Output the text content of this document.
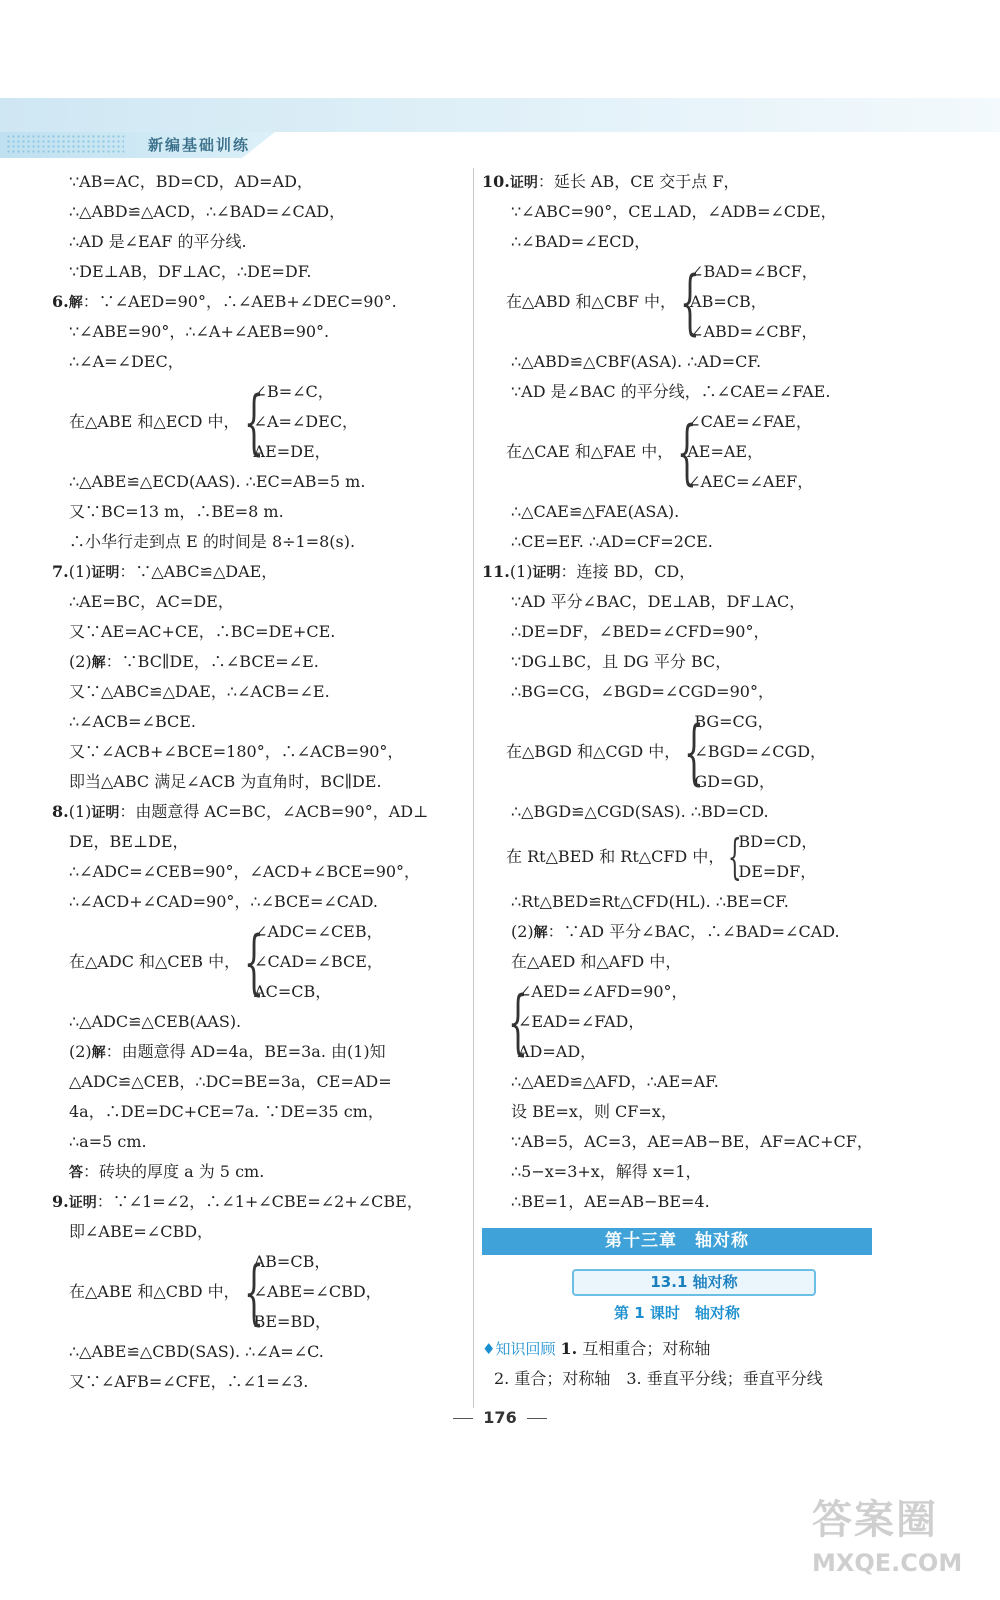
新编基础训练
∵AB=AC，BD=CD，AD=AD，
∴△ABD≌△ACD，∴∠BAD=∠CAD，
∴AD 是∠EAF 的平分线.
∵DE⊥AB，DF⊥AC，∴DE=DF.
6.解：∵∠AED=90°，∴∠AEB+∠DEC=90°.
∵∠ABE=90°，∴∠A+∠AEB=90°.
∴∠A=∠DEC，
在△ABE 和△ECD 中， {
∠B=∠C，
∠A=∠DEC，
AE=DE，
∴△ABE≌△ECD(AAS). ∴EC=AB=5 m.
又∵BC=13 m，∴BE=8 m.
∴小华行走到点 E 的时间是 8÷1=8(s).
7.(1)证明：∵△ABC≌△DAE，
∴AE=BC，AC=DE，
又∵AE=AC+CE，∴BC=DE+CE.
(2)解：∵BC∥DE，∴∠BCE=∠E.
又∵△ABC≌△DAE，∴∠ACB=∠E.
∴∠ACB=∠BCE.
又∵∠ACB+∠BCE=180°，∴∠ACB=90°，
即当△ABC 满足∠ACB 为直角时，BC∥DE.
8.(1)证明：由题意得 AC=BC，∠ACB=90°，AD⊥
DE，BE⊥DE，
∴∠ADC=∠CEB=90°，∠ACD+∠BCE=90°，
∴∠ACD+∠CAD=90°，∴∠BCE=∠CAD.
在△ADC 和△CEB 中， {
∠ADC=∠CEB，
∠CAD=∠BCE，
AC=CB，
∴△ADC≌△CEB(AAS).
(2)解：由题意得 AD=4a，BE=3a. 由(1)知
△ADC≌△CEB，∴DC=BE=3a，CE=AD=
4a，∴DE=DC+CE=7a. ∵DE=35 cm，
∴a=5 cm.
答：砖块的厚度 a 为 5 cm.
9.证明：∵∠1=∠2，∴∠1+∠CBE=∠2+∠CBE，
即∠ABE=∠CBD，
在△ABE 和△CBD 中， {
AB=CB，
∠ABE=∠CBD，
BE=BD，
∴△ABE≌△CBD(SAS). ∴∠A=∠C.
又∵∠AFB=∠CFE，∴∠1=∠3.
10.证明：延长 AB，CE 交于点 F，
∵∠ABC=90°，CE⊥AD，∠ADB=∠CDE，
∴∠BAD=∠ECD，
在△ABD 和△CBF 中， {
∠BAD=∠BCF，
AB=CB，
∠ABD=∠CBF，
∴△ABD≌△CBF(ASA). ∴AD=CF.
∵AD 是∠BAC 的平分线，∴∠CAE=∠FAE.
在△CAE 和△FAE 中， {
∠CAE=∠FAE，
AE=AE，
∠AEC=∠AEF，
∴△CAE≌△FAE(ASA).
∴CE=EF. ∴AD=CF=2CE.
11.(1)证明：连接 BD，CD，
∵AD 平分∠BAC，DE⊥AB，DF⊥AC，
∴DE=DF，∠BED=∠CFD=90°，
∵DG⊥BC，且 DG 平分 BC，
∴BG=CG，∠BGD=∠CGD=90°，
在△BGD 和△CGD 中， {
BG=CG，
∠BGD=∠CGD，
GD=GD，
∴△BGD≌△CGD(SAS). ∴BD=CD.
在 Rt△BED 和 Rt△CFD 中， {
BD=CD，
DE=DF，
∴Rt△BED≌Rt△CFD(HL). ∴BE=CF.
(2)解：∵AD 平分∠BAC，∴∠BAD=∠CAD.
在△AED 和△AFD 中，
{
∠AED=∠AFD=90°，
∠EAD=∠FAD，
AD=AD，
∴△AED≌△AFD，∴AE=AF.
设 BE=x，则 CF=x，
∵AB=5，AC=3，AE=AB−BE，AF=AC+CF，
∴5−x=3+x，解得 x=1，
∴BE=1，AE=AB−BE=4.
第十三章　轴对称
13.1 轴对称
第 1 课时　轴对称
♦知识回顾 1. 互相重合；对称轴
2. 重合；对称轴　3. 垂直平分线；垂直平分线
176
答案圈
MXQE.COM
